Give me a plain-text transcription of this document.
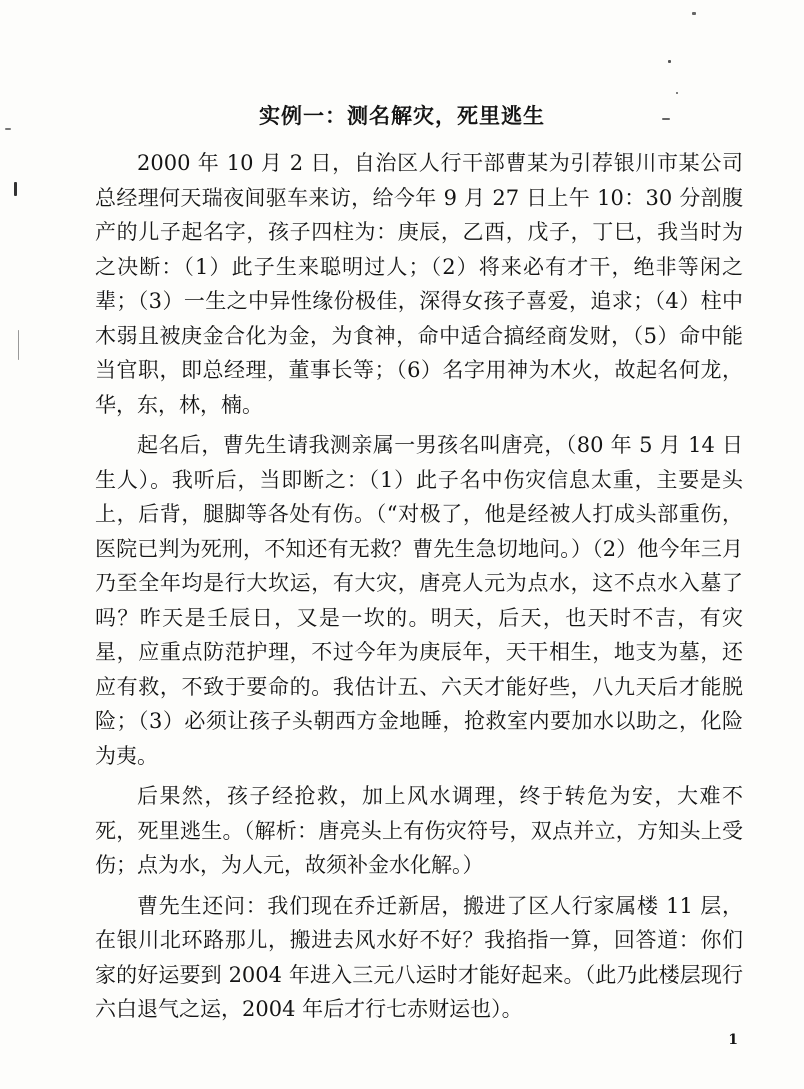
实例一：测名解灾，死里逃生

2000 年 10 月 2 日，自治区人行干部曹某为引荐银川市某公司总经理何天瑞夜间驱车来访，给今年 9 月 27 日上午 10：30 分剖腹产的儿子起名字，孩子四柱为：庚辰，乙酉，戊子，丁巳，我当时为之决断：（1）此子生来聪明过人；（2）将来必有才干，绝非等闲之辈；（3）一生之中异性缘份极佳，深得女孩子喜爱，追求；（4）柱中木弱且被庚金合化为金，为食神，命中适合搞经商发财，（5）命中能当官职，即总经理，董事长等；（6）名字用神为木火，故起名何龙，华，东，林，楠。

起名后，曹先生请我测亲属一男孩名叫唐亮，（80 年 5 月 14 日生人）。我听后，当即断之：（1）此子名中伤灾信息太重，主要是头上，后背，腿脚等各处有伤。（“对极了，他是经被人打成头部重伤，医院已判为死刑，不知还有无救？曹先生急切地问。）（2）他今年三月乃至全年均是行大坎运，有大灾，唐亮人元为点水，这不点水入墓了吗？昨天是壬辰日，又是一坎的。明天，后天，也天时不吉，有灾星，应重点防范护理，不过今年为庚辰年，天干相生，地支为墓，还应有救，不致于要命的。我估计五、六天才能好些，八九天后才能脱险；（3）必须让孩子头朝西方金地睡，抢救室内要加水以助之，化险为夷。

后果然，孩子经抢救，加上风水调理，终于转危为安，大难不死，死里逃生。（解析：唐亮头上有伤灾符号，双点并立，方知头上受伤；点为水，为人元，故须补金水化解。）

曹先生还问：我们现在乔迁新居，搬进了区人行家属楼 11 层，在银川北环路那儿，搬进去风水好不好？我掐指一算，回答道：你们家的好运要到 2004 年进入三元八运时才能好起来。（此乃此楼层现行六白退气之运，2004 年后才行七赤财运也）。

1
